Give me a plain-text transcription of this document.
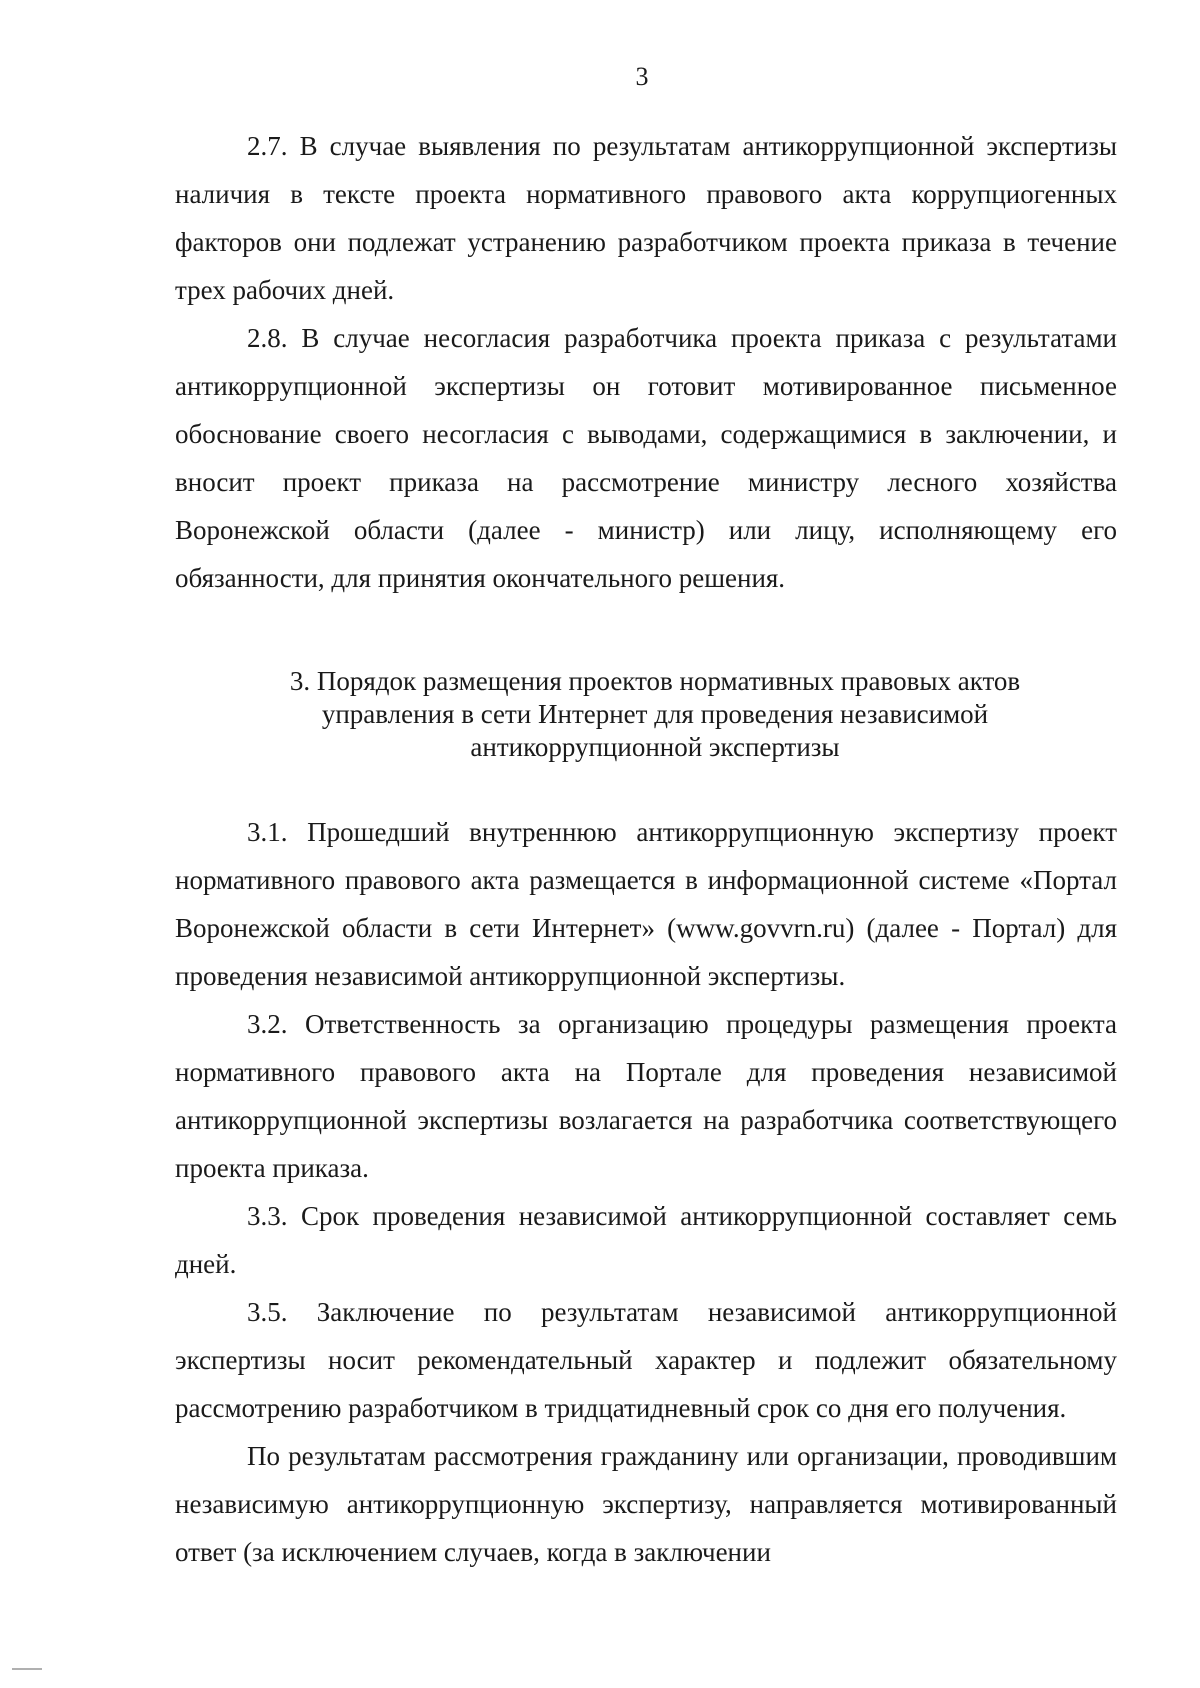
3

2.7. В случае выявления по результатам антикоррупционной экспертизы наличия в тексте проекта нормативного правового акта коррупциогенных факторов они подлежат устранению разработчиком проекта приказа в течение трех рабочих дней.

2.8. В случае несогласия разработчика проекта приказа с результатами антикоррупционной экспертизы он готовит мотивированное письменное обоснование своего несогласия с выводами, содержащимися в заключении, и вносит проект приказа на рассмотрение министру лесного хозяйства Воронежской области (далее - министр) или лицу, исполняющему его обязанности, для принятия окончательного решения.

3. Порядок размещения проектов нормативных правовых актов
управления в сети Интернет для проведения независимой
антикоррупционной экспертизы

3.1. Прошедший внутреннюю антикоррупционную экспертизу проект нормативного правового акта размещается в информационной системе «Портал Воронежской области в сети Интернет» (www.govvrn.ru) (далее - Портал) для проведения независимой антикоррупционной экспертизы.

3.2. Ответственность за организацию процедуры размещения проекта нормативного правового акта на Портале для проведения независимой антикоррупционной экспертизы возлагается на разработчика соответствующего проекта приказа.

3.3. Срок проведения независимой антикоррупционной составляет семь дней.

3.5. Заключение по результатам независимой антикоррупционной экспертизы носит рекомендательный характер и подлежит обязательному рассмотрению разработчиком в тридцатидневный срок со дня его получения.

По результатам рассмотрения гражданину или организации, проводившим независимую антикоррупционную экспертизу, направляется мотивированный ответ (за исключением случаев, когда в заключении
